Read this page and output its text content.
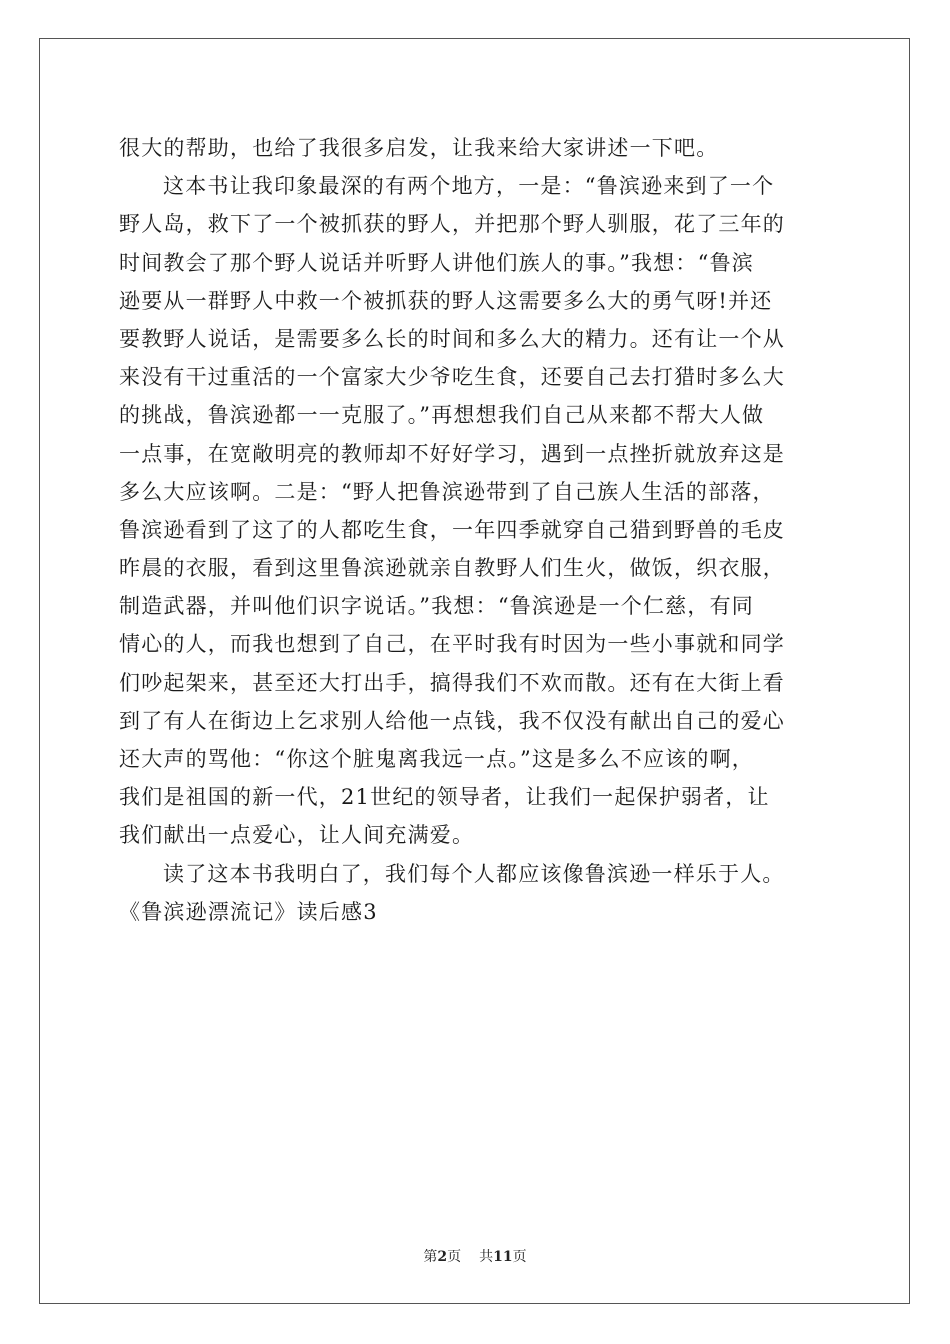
很大的帮助，也给了我很多启发，让我来给大家讲述一下吧。
这本书让我印象最深的有两个地方，一是：“鲁滨逊来到了一个
野人岛，救下了一个被抓获的野人，并把那个野人驯服，花了三年的
时间教会了那个野人说话并听野人讲他们族人的事。”我想：“鲁滨
逊要从一群野人中救一个被抓获的野人这需要多么大的勇气呀!并还
要教野人说话，是需要多么长的时间和多么大的精力。还有让一个从
来没有干过重活的一个富家大少爷吃生食，还要自己去打猎时多么大
的挑战，鲁滨逊都一一克服了。”再想想我们自己从来都不帮大人做
一点事，在宽敞明亮的教师却不好好学习，遇到一点挫折就放弃这是
多么大应该啊。二是：“野人把鲁滨逊带到了自己族人生活的部落，
鲁滨逊看到了这了的人都吃生食，一年四季就穿自己猎到野兽的毛皮
昨晨的衣服，看到这里鲁滨逊就亲自教野人们生火，做饭，织衣服，
制造武器，并叫他们识字说话。”我想：“鲁滨逊是一个仁慈，有同
情心的人，而我也想到了自己，在平时我有时因为一些小事就和同学
们吵起架来，甚至还大打出手，搞得我们不欢而散。还有在大街上看
到了有人在街边上乞求别人给他一点钱，我不仅没有献出自己的爱心
还大声的骂他：“你这个脏鬼离我远一点。”这是多么不应该的啊，
我们是祖国的新一代，21世纪的领导者，让我们一起保护弱者，让
我们献出一点爱心，让人间充满爱。
读了这本书我明白了，我们每个人都应该像鲁滨逊一样乐于人。
《鲁滨逊漂流记》读后感3
第2页 共11页
